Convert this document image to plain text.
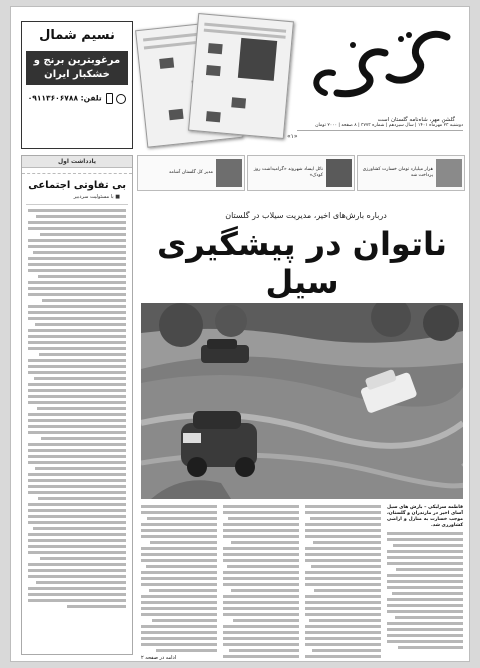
نسیم شمال
مرغوبترین برنج و خشکبار ایران
تلفن: ۰۹۱۱۳۶۰۶۷۸۸
گلشن مهر، شاه‌نامه گلستان است
دوشنبه ۲۳ مهرماه ۱۴۰۱ | سال سیزدهم | شماره ۳۷۷۳ | ۸ صفحه | ۲۰۰۰ تومان
«۱»
هزار میلیارد تومان خسارت کشاورزی پرداخت شد
نائل ایساد شهروند «گرامیداشت روز کودک»
مدیر کل گلستان آشامد
یادداشت اول
بی تفاوتی اجتماعی
■ با مسئولیت سردبیر
درباره بارش‌های اخیر، مدیریت سیلاب در گلستان
ناتوان در پیشگیری سیل
فاطمه سرلیکی – بارش های سیل آسای اخیر در مازندران و گلستان، موجب خسارت به منازل و اراضی کشاورزی شد.
ادامه در صفحه ۲
